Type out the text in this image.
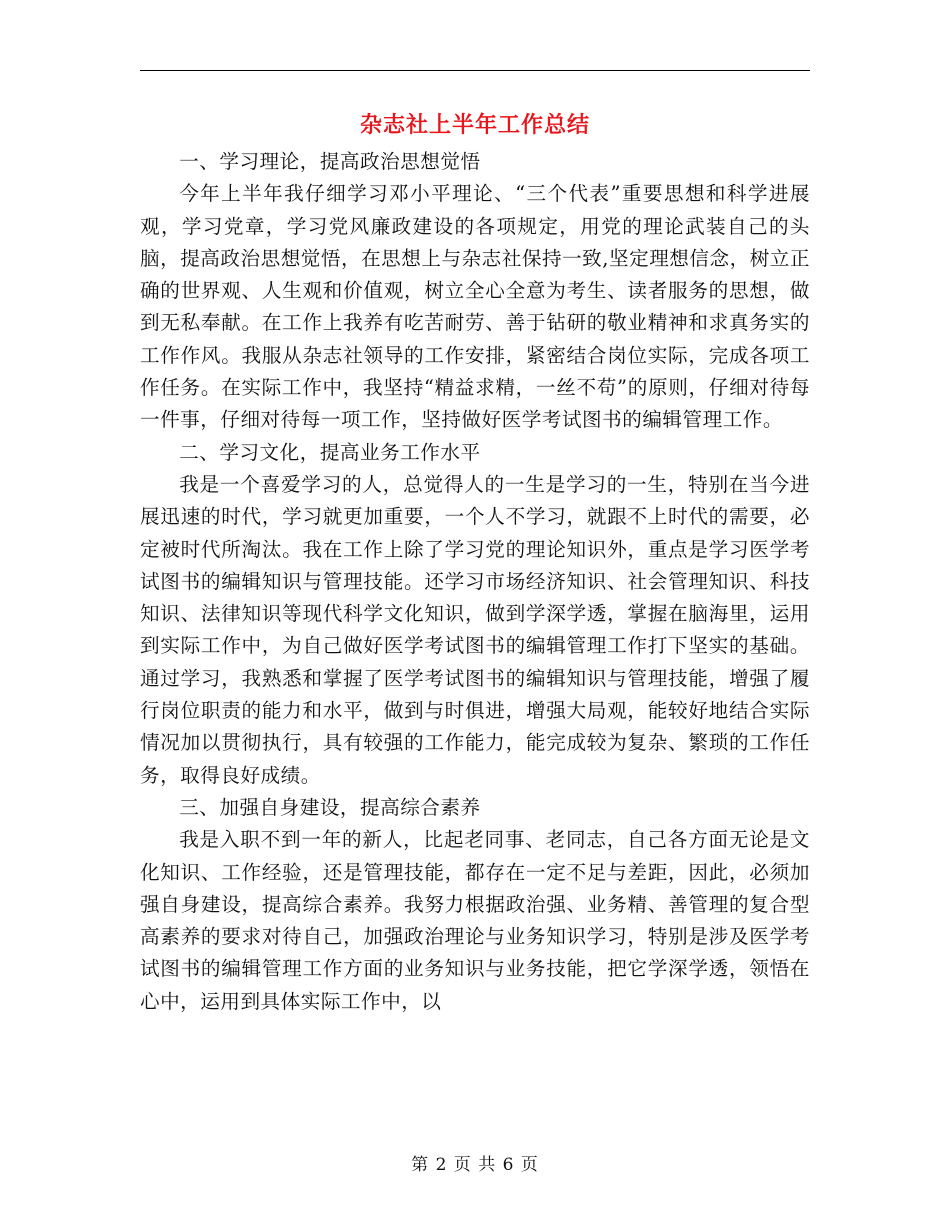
杂志社上半年工作总结

一、学习理论，提高政治思想觉悟

今年上半年我仔细学习邓小平理论、“三个代表”重要思想和科学进展观，学习党章，学习党风廉政建设的各项规定，用党的理论武装自己的头脑，提高政治思想觉悟，在思想上与杂志社保持一致,坚定理想信念，树立正确的世界观、人生观和价值观，树立全心全意为考生、读者服务的思想，做到无私奉献。在工作上我养有吃苦耐劳、善于钻研的敬业精神和求真务实的工作作风。我服从杂志社领导的工作安排，紧密结合岗位实际，完成各项工作任务。在实际工作中，我坚持“精益求精，一丝不苟”的原则，仔细对待每一件事，仔细对待每一项工作，坚持做好医学考试图书的编辑管理工作。

二、学习文化，提高业务工作水平

我是一个喜爱学习的人，总觉得人的一生是学习的一生，特别在当今进展迅速的时代，学习就更加重要，一个人不学习，就跟不上时代的需要，必定被时代所淘汰。我在工作上除了学习党的理论知识外，重点是学习医学考试图书的编辑知识与管理技能。还学习市场经济知识、社会管理知识、科技知识、法律知识等现代科学文化知识，做到学深学透，掌握在脑海里，运用到实际工作中，为自己做好医学考试图书的编辑管理工作打下坚实的基础。通过学习，我熟悉和掌握了医学考试图书的编辑知识与管理技能，增强了履行岗位职责的能力和水平，做到与时俱进，增强大局观，能较好地结合实际情况加以贯彻执行，具有较强的工作能力，能完成较为复杂、繁琐的工作任务，取得良好成绩。

三、加强自身建设，提高综合素养

我是入职不到一年的新人，比起老同事、老同志，自己各方面无论是文化知识、工作经验，还是管理技能，都存在一定不足与差距，因此，必须加强自身建设，提高综合素养。我努力根据政治强、业务精、善管理的复合型高素养的要求对待自己，加强政治理论与业务知识学习，特别是涉及医学考试图书的编辑管理工作方面的业务知识与业务技能，把它学深学透，领悟在心中，运用到具体实际工作中，以

第 2 页 共 6 页
